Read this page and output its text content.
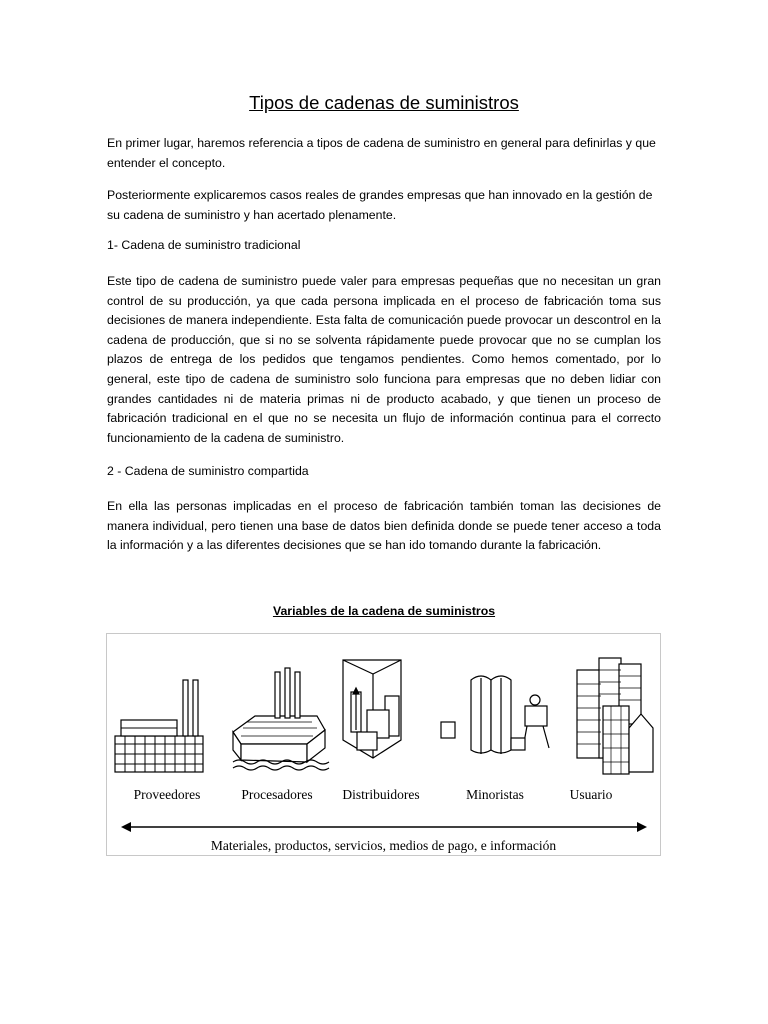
Tipos de cadenas de suministros

En primer lugar, haremos referencia a tipos de cadena de suministro en general para definirlas y que entender el concepto.

Posteriormente explicaremos casos reales de grandes empresas que han innovado en la gestión de su cadena de suministro y han acertado plenamente.

1- Cadena de suministro tradicional

Este tipo de cadena de suministro puede valer para empresas pequeñas que no necesitan un gran control de su producción, ya que cada persona implicada en el proceso de fabricación toma sus decisiones de manera independiente. Esta falta de comunicación puede provocar un descontrol en la cadena de producción, que si no se solventa rápidamente puede provocar que no se cumplan los plazos de entrega de los pedidos que tengamos pendientes. Como hemos comentado, por lo general, este tipo de cadena de suministro solo funciona para empresas que no deben lidiar con grandes cantidades ni de materia primas ni de producto acabado, y que tienen un proceso de fabricación tradicional en el que no se necesita un flujo de información continua para el correcto funcionamiento de la cadena de suministro.

2 - Cadena de suministro compartida

En ella las personas implicadas en el proceso de fabricación también toman las decisiones de manera individual, pero tienen una base de datos bien definida donde se puede tener acceso a toda la información y a las diferentes decisiones que se han ido tomando durante la fabricación.

Variables de la cadena de suministros
Proveedores	Procesadores Distribuidores	Minoristas	Usuario
Materiales, productos, servicios, medios de pago, e información
